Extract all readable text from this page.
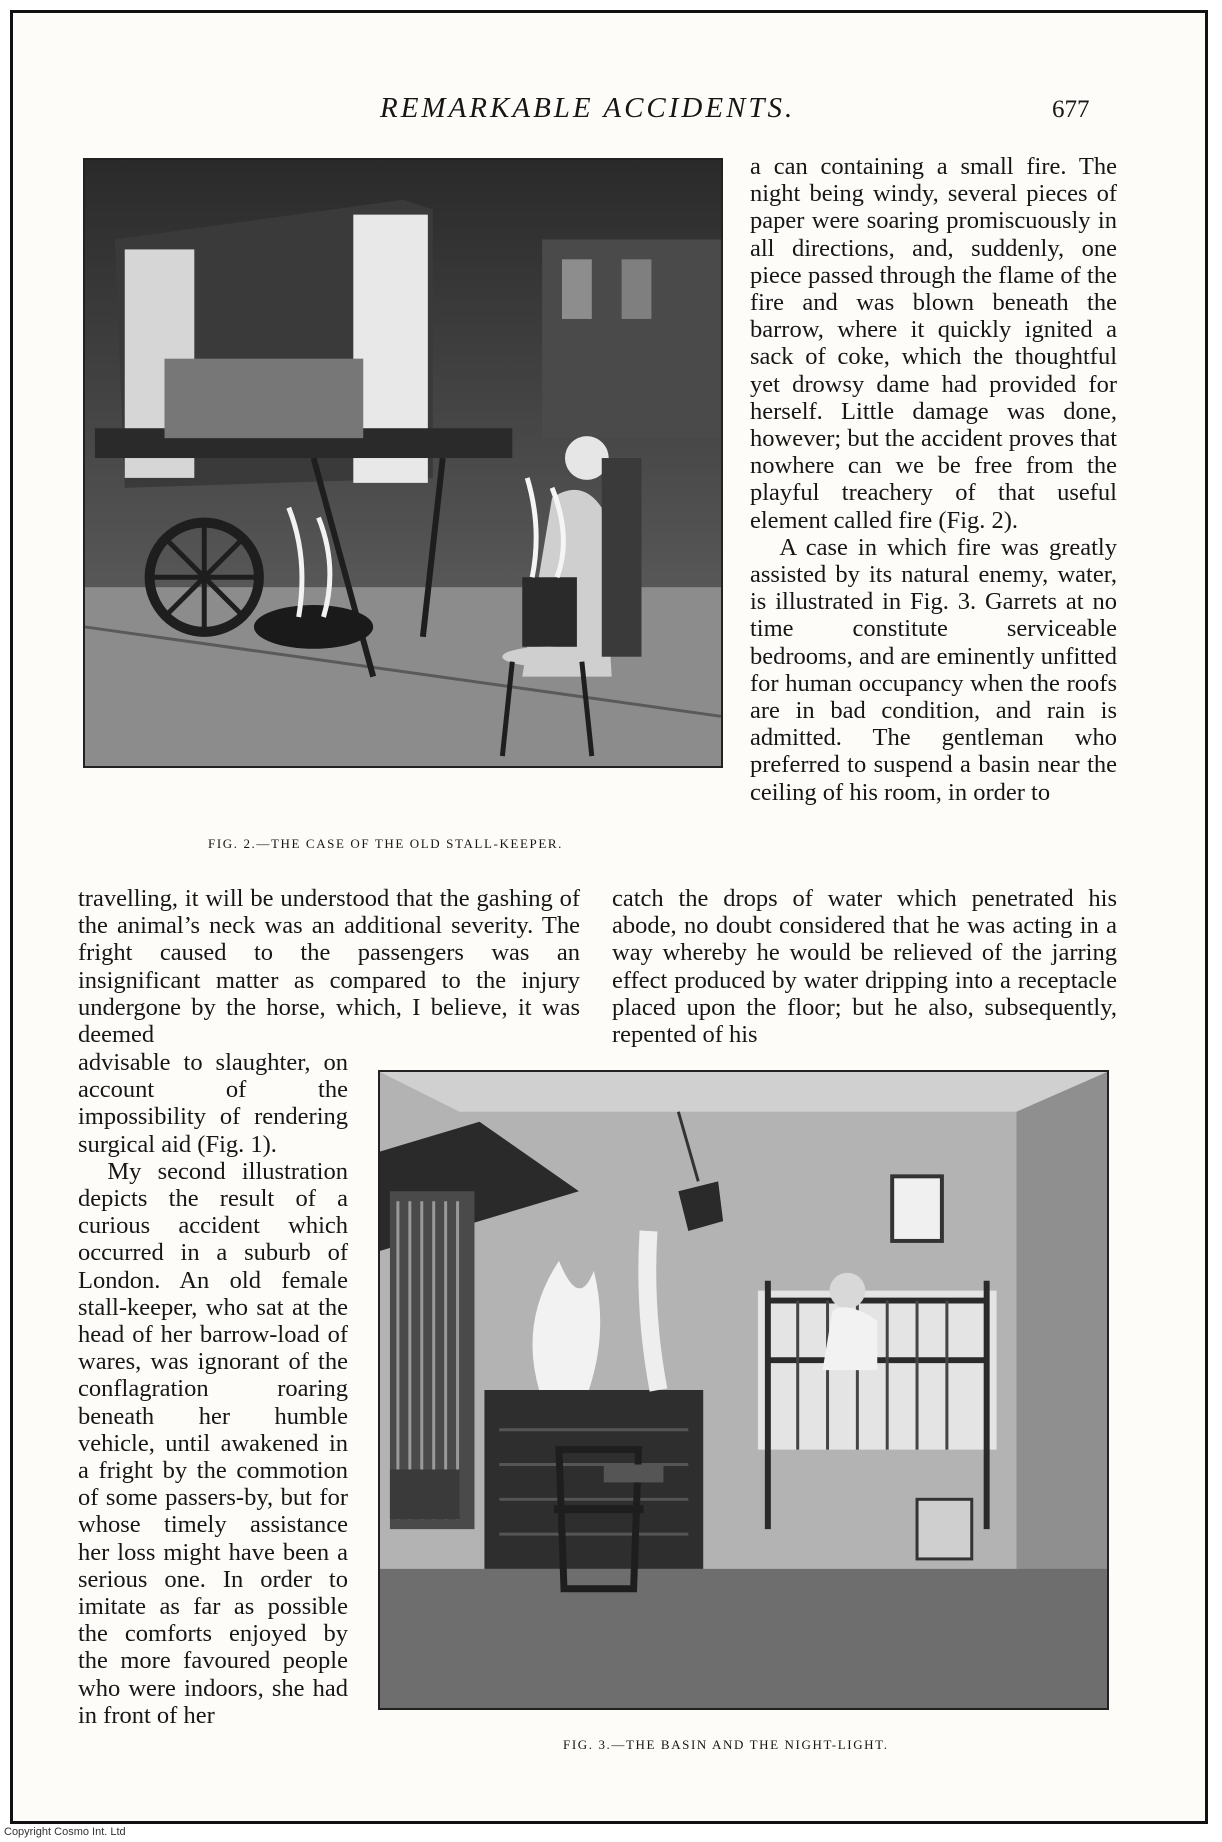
REMARKABLE ACCIDENTS.	677
FIG. 2.—THE CASE OF THE OLD STALL-KEEPER.

a can containing a small fire. The night being windy, several pieces of paper were soaring promiscuously in all directions, and, suddenly, one piece passed through the flame of the fire and was blown beneath the barrow, where it quickly ignited a sack of coke, which the thoughtful yet drowsy dame had provided for herself. Little damage was done, however; but the accident proves that nowhere can we be free from the playful treachery of that useful element called fire (Fig. 2).

A case in which fire was greatly assisted by its natural enemy, water, is illustrated in Fig. 3. Garrets at no time constitute serviceable bedrooms, and are eminently unfitted for human occupancy when the roofs are in bad condition, and rain is admitted. The gentleman who preferred to suspend a basin near the ceiling of his room, in order to

travelling, it will be understood that the gashing of the animal’s neck was an additional severity. The fright caused to the passengers was an insignificant matter as compared to the injury undergone by the horse, which, I believe, it was deemed

catch the drops of water which penetrated his abode, no doubt considered that he was acting in a way whereby he would be relieved of the jarring effect produced by water dripping into a receptacle placed upon the floor; but he also, subsequently, repented of his

FIG. 3.—THE BASIN AND THE NIGHT-LIGHT.

advisable to slaughter, on account of the impossibility of rendering surgical aid (Fig. 1).

My second illustration depicts the result of a curious accident which occurred in a suburb of London. An old female stall-keeper, who sat at the head of her barrow-load of wares, was ignorant of the conflagration roaring beneath her humble vehicle, until awakened in a fright by the commotion of some passers-by, but for whose timely assistance her loss might have been a serious one. In order to imitate as far as possible the comforts enjoyed by the more favoured people who were indoors, she had in front of her

Copyright Cosmo Int. Ltd
